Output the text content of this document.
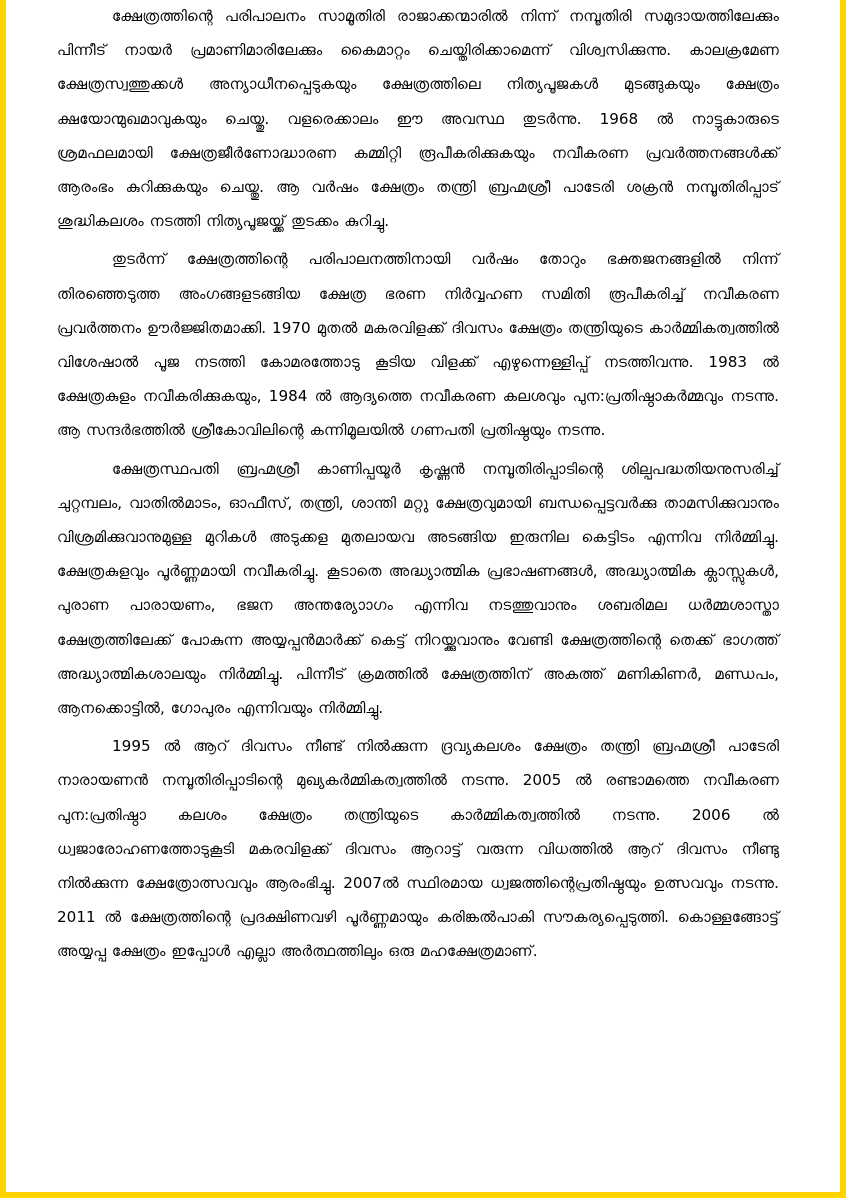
ക്ഷേത്രത്തിന്റെ പരിപാലനം സാമൂതിരി രാജാക്കന്മാരിൽ നിന്ന് നമ്പൂതിരി സമുദായത്തിലേക്കും പിന്നീട് നായർ പ്രമാണിമാരിലേക്കും കൈമാറ്റം ചെയ്തിരിക്കാമെന്ന് വിശ്വസിക്കുന്നു. കാലക്രമേണ ക്ഷേത്രസ്വത്തുക്കൾ അന്യാധീനപ്പെടുകയും ക്ഷേത്രത്തിലെ നിത്യപൂജകൾ മുടങ്ങുകയും ക്ഷേത്രം ക്ഷയോന്മുഖമാവുകയും ചെയ്തു. വളരെക്കാലം ഈ അവസ്ഥ തുടർന്നു. 1968 ൽ നാട്ടുകാരുടെ ശ്രമഫലമായി ക്ഷേത്രജീർണോദ്ധാരണ കമ്മിറ്റി രൂപീകരിക്കുകയും നവീകരണ പ്രവർത്തനങ്ങൾക്ക് ആരംഭം കുറിക്കുകയും ചെയ്തു. ആ വർഷം ക്ഷേത്രം തന്ത്രി ബ്രഹ്മശ്രീ പാടേരി ശക്രൻ നമ്പൂതിരിപ്പാട് ശുദ്ധികലശം നടത്തി നിത്യപൂജയ്ക്ക് തുടക്കം കുറിച്ചു.

തുടർന്ന് ക്ഷേത്രത്തിന്റെ പരിപാലനത്തിനായി വർഷം തോറും ഭക്തജനങ്ങളിൽ നിന്ന് തിരഞ്ഞെടുത്ത അംഗങ്ങളടങ്ങിയ ക്ഷേത്ര ഭരണ നിർവ്വഹണ സമിതി രൂപീകരിച്ച് നവീകരണ പ്രവർത്തനം ഊർജ്ജിതമാക്കി. 1970 മുതൽ മകരവിളക്ക് ദിവസം ക്ഷേത്രം തന്ത്രിയുടെ കാർമ്മികത്വത്തിൽ വിശേഷാൽ പൂജ നടത്തി കോമരത്തോടു കൂടിയ വിളക്ക് എഴുന്നെള്ളിപ്പ് നടത്തിവന്നു. 1983 ൽ ക്ഷേത്രകുളം നവീകരിക്കുകയും, 1984 ൽ ആദ്യത്തെ നവീകരണ കലശവും പുന:പ്രതിഷ്ഠാകർമ്മവും നടന്നു. ആ സന്ദർഭത്തിൽ ശ്രീകോവിലിന്റെ കന്നിമൂലയിൽ ഗണപതി പ്രതിഷ്ഠയും നടന്നു.

ക്ഷേത്രസ്ഥപതി ബ്രഹ്മശ്രീ കാണിപ്പയൂർ കൃഷ്ണൻ നമ്പൂതിരിപ്പാടിന്റെ ശില്പപദ്ധതിയനുസരിച്ച് ചുറ്റമ്പലം, വാതിൽമാടം, ഓഫീസ്, തന്ത്രി, ശാന്തി മറ്റു ക്ഷേത്രവുമായി ബന്ധപ്പെട്ടവർക്കു താമസിക്കുവാനും വിശ്രമിക്കുവാനുമുള്ള മുറികൾ അടുക്കള മുതലായവ അടങ്ങിയ ഇരുനില കെട്ടിടം എന്നിവ നിർമ്മിച്ചു. ക്ഷേത്രകുളവും പൂർണ്ണമായി നവീകരിച്ചു. കൂടാതെ അദ്ധ്യാത്മിക പ്രഭാഷണങ്ങൾ, അദ്ധ്യാത്മിക ക്ലാസ്സുകൾ, പുരാണ പാരായണം, ഭജന അന്തര്യോാഗം എന്നിവ നടത്തുവാനും ശബരിമല ധർമ്മശാസ്താ ക്ഷേത്രത്തിലേക്ക് പോകുന്ന അയ്യപ്പൻമാർക്ക് കെട്ട് നിറയ്ക്കുവാനും വേണ്ടി ക്ഷേത്രത്തിന്റെ തെക്ക് ഭാഗത്ത് അദ്ധ്യാത്മികശാലയും നിർമ്മിച്ചു. പിന്നീട് ക്രമത്തിൽ ക്ഷേത്രത്തിന് അകത്ത് മണികിണർ, മണ്ഡപം, ആനക്കൊട്ടിൽ, ഗോപുരം എന്നിവയും നിർമ്മിച്ചു.

1995 ൽ ആറ് ദിവസം നീണ്ട് നിൽക്കുന്ന ദ്രവ്യകലശം ക്ഷേത്രം തന്ത്രി ബ്രഹ്മശ്രീ പാടേരി നാരായണൻ നമ്പൂതിരിപ്പാടിന്റെ മുഖ്യകർമ്മികത്വത്തിൽ നടന്നു. 2005 ൽ രണ്ടാമത്തെ നവീകരണ പുന:പ്രതിഷ്ഠാ കലശം ക്ഷേത്രം തന്ത്രിയുടെ കാർമ്മികത്വത്തിൽ നടന്നു. 2006 ൽ ധ്വജാരോഹണത്തോടുകൂടി മകരവിളക്ക് ദിവസം ആറാട്ട് വരുന്ന വിധത്തിൽ ആറ് ദിവസം നീണ്ടു നിൽക്കുന്ന ക്ഷേത്രോത്സവവും ആരംഭിച്ചു. 2007ൽ സ്ഥിരമായ ധ്വജത്തിന്റെപ്രതിഷ്ഠയും ഉത്സവവും നടന്നു. 2011 ൽ ക്ഷേത്രത്തിന്റെ പ്രദക്ഷിണവഴി പൂർണ്ണമായും കരിങ്കൽപാകി സൗകര്യപ്പെടുത്തി. കൊള്ളങ്ങോട്ട് അയ്യപ്പ ക്ഷേത്രം ഇപ്പോൾ എല്ലാ അർത്ഥത്തിലും ഒരു മഹക്ഷേത്രമാണ്.
